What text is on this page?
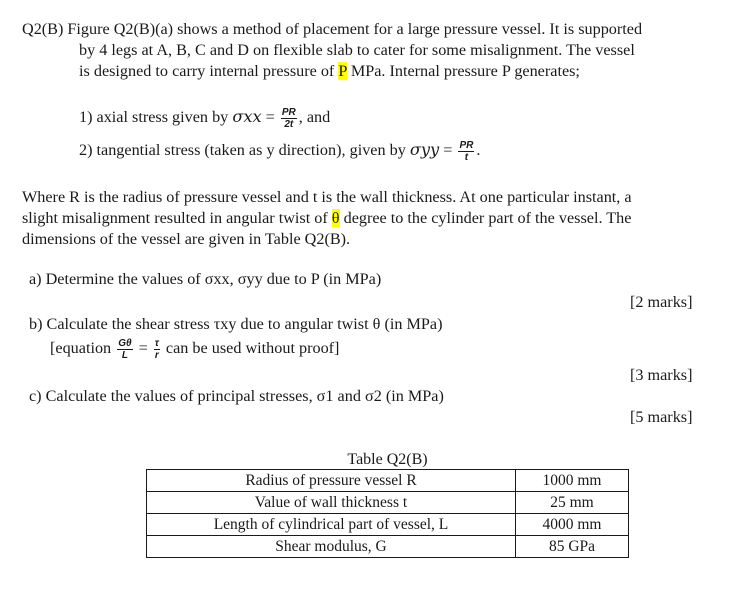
Q2(B) Figure Q2(B)(a) shows a method of placement for a large pressure vessel. It is supported
by 4 legs at A, B, C and D on flexible slab to cater for some misalignment. The vessel
is designed to carry internal pressure of P MPa. Internal pressure P generates;
1) axial stress given by $\sigma xx = \frac{PR}{2t}$ , and
2) tangential stress (taken as y direction), given by $\sigma yy = \frac{PR}{t}$ .
Where R is the radius of pressure vessel and t is the wall thickness. At one particular instant, a
slight misalignment resulted in angular twist of θ degree to the cylinder part of the vessel. The
dimensions of the vessel are given in Table Q2(B).
a) Determine the values of σxx, σyy due to P (in MPa)
[2 marks]
b) Calculate the shear stress τxy due to angular twist θ (in MPa)
[equation $\frac{G\theta}{L} = \frac{\tau}{r}$ can be used without proof]
[3 marks]
c) Calculate the values of principal stresses, σ1 and σ2 (in MPa)
[5 marks]
Table Q2(B)
Radius of pressure vessel R	1000 mm
Value of wall thickness t	25 mm
Length of cylindrical part of vessel, L	4000 mm
Shear modulus, G	85 GPa
